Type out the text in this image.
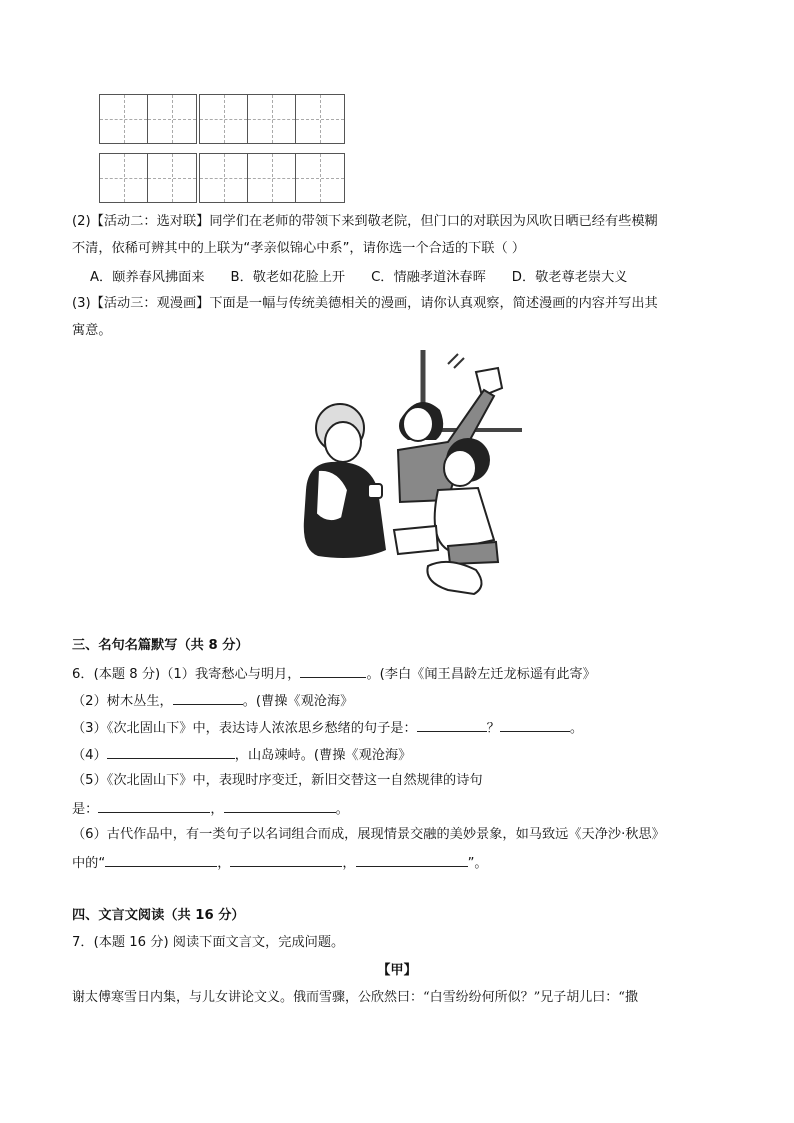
(2)【活动二：选对联】同学们在老师的带领下来到敬老院，但门口的对联因为风吹日晒已经有些模糊
不清，依稀可辨其中的上联为“孝亲似锦心中系”，请你选一个合适的下联（ ）
A．颐养春风拂面来 B．敬老如花脸上开 C．情融孝道沐春晖 D．敬老尊老崇大义
(3)【活动三：观漫画】下面是一幅与传统美德相关的漫画，请你认真观察，简述漫画的内容并写出其
寓意。
三、名句名篇默写（共 8 分）
6．(本题 8 分)（1）我寄愁心与明月，	。(李白《闻王昌龄左迁龙标遥有此寄》
（2）树木丛生，	。(曹操《观沧海》
（3）《次北固山下》中，表达诗人浓浓思乡愁绪的句子是：	？	。
（4）	，山岛竦峙。(曹操《观沧海》
（5）《次北固山下》中，表现时序变迁，新旧交替这一自然规律的诗句
是：	，	。
（6）古代作品中，有一类句子以名词组合而成，展现情景交融的美妙景象，如马致远《天净沙·秋思》
中的“	，	，	”。
四、文言文阅读（共 16 分）
7．(本题 16 分) 阅读下面文言文，完成问题。
【甲】
谢太傅寒雪日内集，与儿女讲论文义。俄而雪骤，公欣然曰：“白雪纷纷何所似？”兄子胡儿曰：“撒
